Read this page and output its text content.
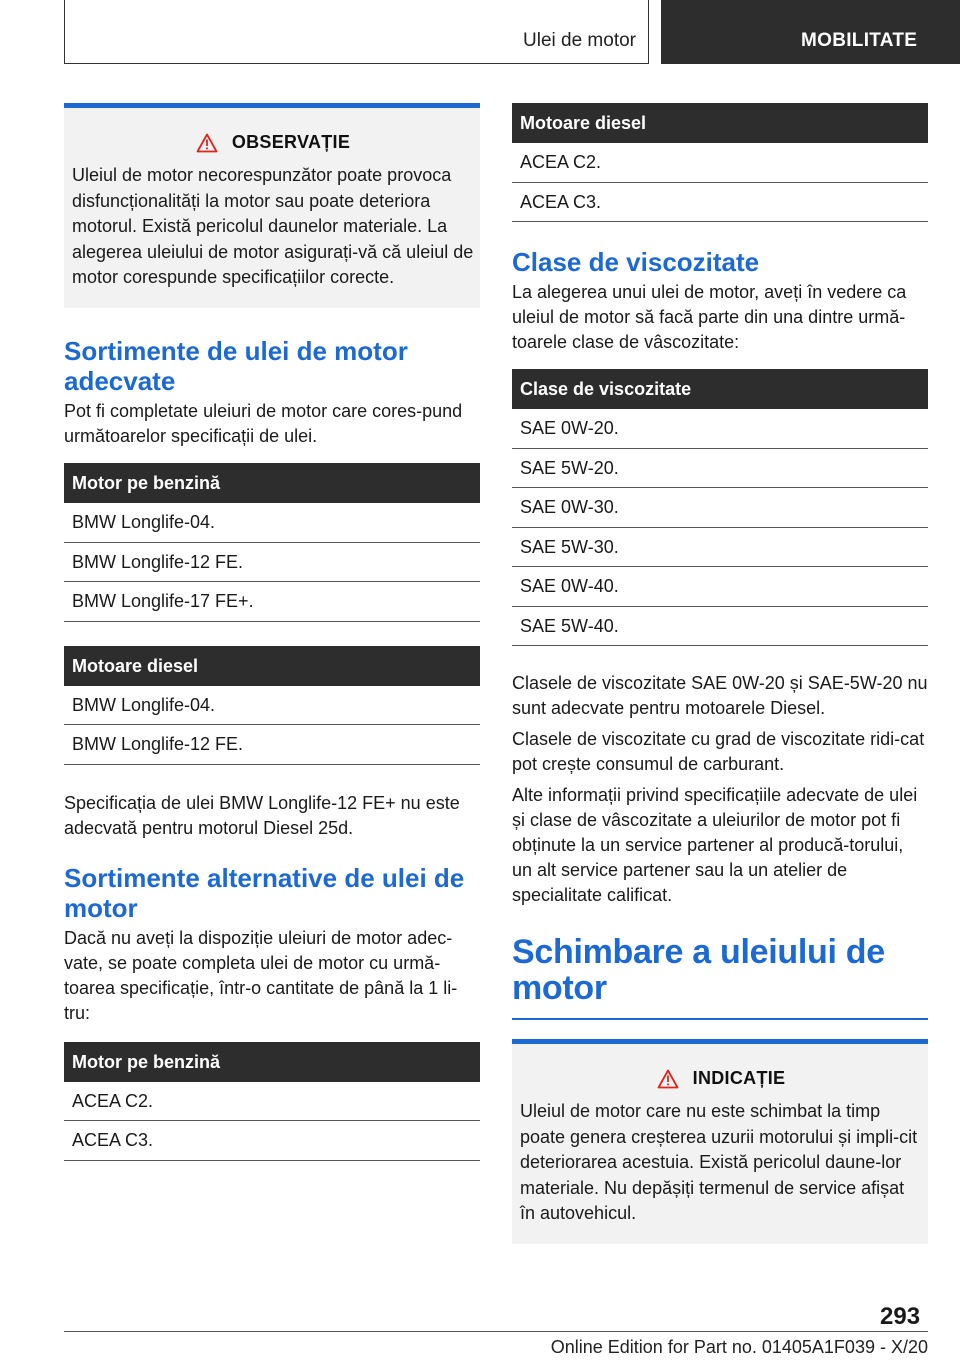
Ulei de motor	MOBILITATE
OBSERVAȚIE
Uleiul de motor necorespunzător poate provoca disfuncționalități la motor sau poate deteriora motorul. Există pericolul daunelor materiale. La alegerea uleiului de motor asigurați-vă că uleiul de motor corespunde specificațiilor corecte.
Sortimente de ulei de motor adecvate
Pot fi completate uleiuri de motor care cores-pund următoarelor specificații de ulei.
Motor pe benzină
BMW Longlife-04.
BMW Longlife-12 FE.
BMW Longlife-17 FE+.
Motoare diesel
BMW Longlife-04.
BMW Longlife-12 FE.
Specificația de ulei BMW Longlife-12 FE+ nu este adecvată pentru motorul Diesel 25d.
Sortimente alternative de ulei de motor
Dacă nu aveți la dispoziție uleiuri de motor adec-vate, se poate completa ulei de motor cu urmă-toarea specificație, într-o cantitate de până la 1 li-tru:
Motor pe benzină
ACEA C2.
ACEA C3.
Motoare diesel
ACEA C2.
ACEA C3.
Clase de viscozitate
La alegerea unui ulei de motor, aveți în vedere ca uleiul de motor să facă parte din una dintre urmă-toarele clase de vâscozitate:
Clase de viscozitate
SAE 0W-20.
SAE 5W-20.
SAE 0W-30.
SAE 5W-30.
SAE 0W-40.
SAE 5W-40.
Clasele de viscozitate SAE 0W-20 și SAE-5W-20 nu sunt adecvate pentru motoarele Diesel.
Clasele de viscozitate cu grad de viscozitate ridi-cat pot crește consumul de carburant.
Alte informații privind specificațiile adecvate de ulei și clase de vâscozitate a uleiurilor de motor pot fi obținute la un service partener al producă-torului, un alt service partener sau la un atelier de specialitate calificat.
Schimbare a uleiului de motor
INDICAȚIE
Uleiul de motor care nu este schimbat la timp poate genera creșterea uzurii motorului și impli-cit deteriorarea acestuia. Există pericolul daune-lor materiale. Nu depășiți termenul de service afișat în autovehicul.
293
Online Edition for Part no. 01405A1F039 - X/20
